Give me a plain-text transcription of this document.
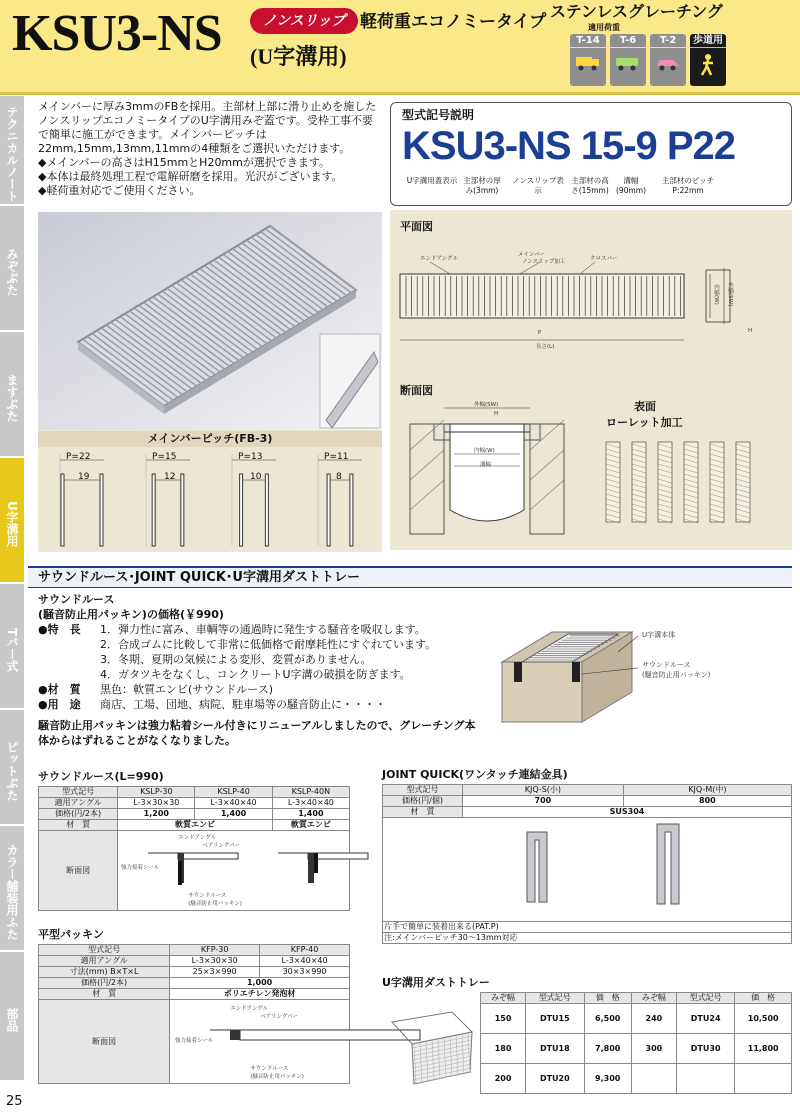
KSU3-NS	ノンスリップ 軽荷重エコノミータイプ
(U字溝用)
ステンレスグレーチング
適用荷重
T-14	T-6	T-2	歩道用
テクニカルノート
みぞぶた
ますぶた
U字溝用
Tバー式
ピットぶた
カラー舗装用ふた
部品
25

メインバーに厚み3mmのFBを採用。主部材上部に滑り止めを施したノンスリップエコノミータイプのU字溝用みぞ蓋です。受枠工事不要で簡単に施工ができます。メインバーピッチは22mm,15mm,13mm,11mmの4種類をご選択いただけます。

◆メインバーの高さはH15mmとH20mmが選択できます。

◆本体は最終処理工程で電解研磨を採用。光沢がございます。

◆軽荷重対応でご使用ください。

型式記号説明
KSU3-NS 15-9 P22
U字溝用蓋表示 主部材の厚み(3mm)
ノンスリップ表示
主部材の高さ(15mm)
溝幅(90mm)
主部材のピッチP:22mm
メインバーピッチ(FB-3)
P=22
19
P=15
12
P=13
10
P=11
8
平面図
エンドアングル
メインバー
ノンスリップ加工	クロスバー
P
長さ(L)
外幅(SW)
内幅(W)
H
断面図
外幅(SW)
内幅(W)
溝幅
H
表面
ローレット加工
サウンドルース･JOINT QUICK･U字溝用ダストトレー
サウンドルース
(騒音防止用パッキン)の価格(￥990)
●特　長	1．弾力性に富み、車輌等の通過時に発生する騒音を吸収します。
2．合成ゴムに比較して非常に低価格で耐摩耗性にすぐれています。
3．冬期、夏期の気候による変形、変質がありません。
4．ガタツキをなくし、コンクリートU字溝の破損を防ぎます。
●材　質	黒色：軟質エンビ(サウンドルース)
●用　途	商店、工場、団地、病院、駐車場等の騒音防止に・・・・
騒音防止用パッキンは強力粘着シール付きにリニューアルしましたので、グレーチング本体からはずれることがなくなりました。
U字溝本体
サウンドルース
(騒音防止用パッキン)
サウンドルース(L=990)
型式記号	KSLP-30	KSLP-40	KSLP-40N
適用アングル	L-3×30×30	L-3×40×40	L-3×40×40
価格(円/2本)	1,200	1,400	1,400
材　質	軟質エンビ		軟質エンビ
断面図	エンドアングル
ベアリングバー
強力接着シール
サウンドルース
(騒音防止用パッキン)		
平型パッキン
型式記号	KFP-30	KFP-40
適用アングル	L-3×30×30	L-3×40×40
寸法(mm) B×T×L	25×3×990	30×3×990
価格(円/2本)	1,000	
材　質	ポリエチレン発泡材	
断面図	エンドアングル
ベアリングバー
強力接着シール
サウンドルース
(騒音防止用パッキン)	
JOINT QUICK(ワンタッチ連結金具)
型式記号	KJQ-S(小)	KJQ-M(中)
価格(円/個)	700	800
材　質	SUS304	

片手で簡単に装着出来る(PAT.P)		
注:メインバーピッチ30～13mm対応		
U字溝用ダストトレー
みぞ幅	型式記号	価　格	みぞ幅	型式記号	価　格
150	DTU15	6,500	240	DTU24	10,500
180	DTU18	7,800	300	DTU30	11,800
200	DTU20	9,300			
